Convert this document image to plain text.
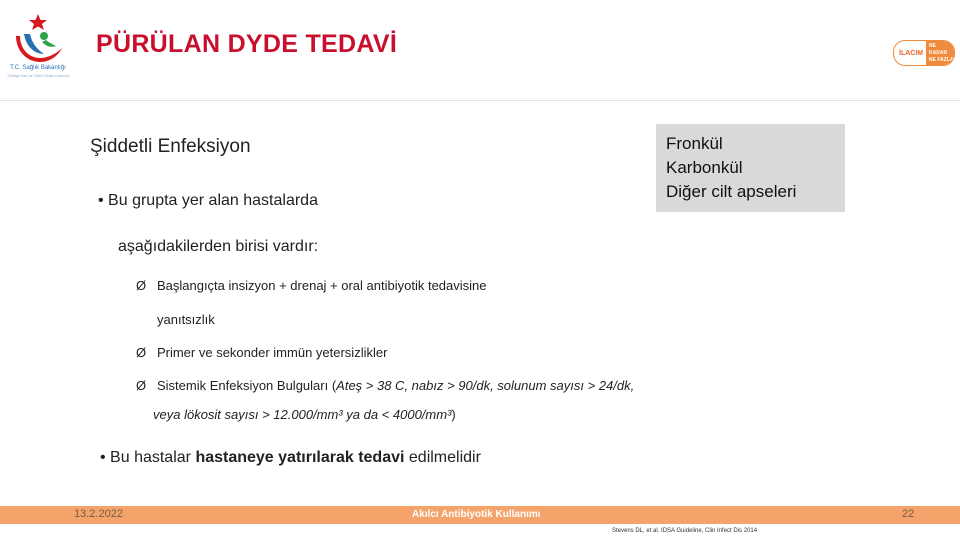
T.C. Sağlık Bakanlığı
Türkiye İlaç ve Tıbbi Cihaz Kurumu
PÜRÜLAN DYDE TEDAVİ	İLACIM
NE KADAR
NE FAZLA
Şiddetli Enfeksiyon	Fronkül
Karbonkül
Diğer cilt apseleri
• Bu grupta yer alan hastalarda
aşağıdakilerden birisi vardır:
Ø Başlangıçta insizyon + drenaj + oral antibiyotik tedavisine
yanıtsızlık
Ø Primer ve sekonder immün yetersizlikler
Ø Sistemik Enfeksiyon Bulguları (Ateş > 38 C, nabız > 90/dk, solunum sayısı > 24/dk,
veya lökosit sayısı > 12.000/mm³ ya da < 4000/mm³)
• Bu hastalar hastaneye yatırılarak tedavi edilmelidir
13.2.2022	Akılcı Antibiyotik Kullanımı	22
Stevens DL, et al. IDSA Guideline, Clin Infect Dis 2014
